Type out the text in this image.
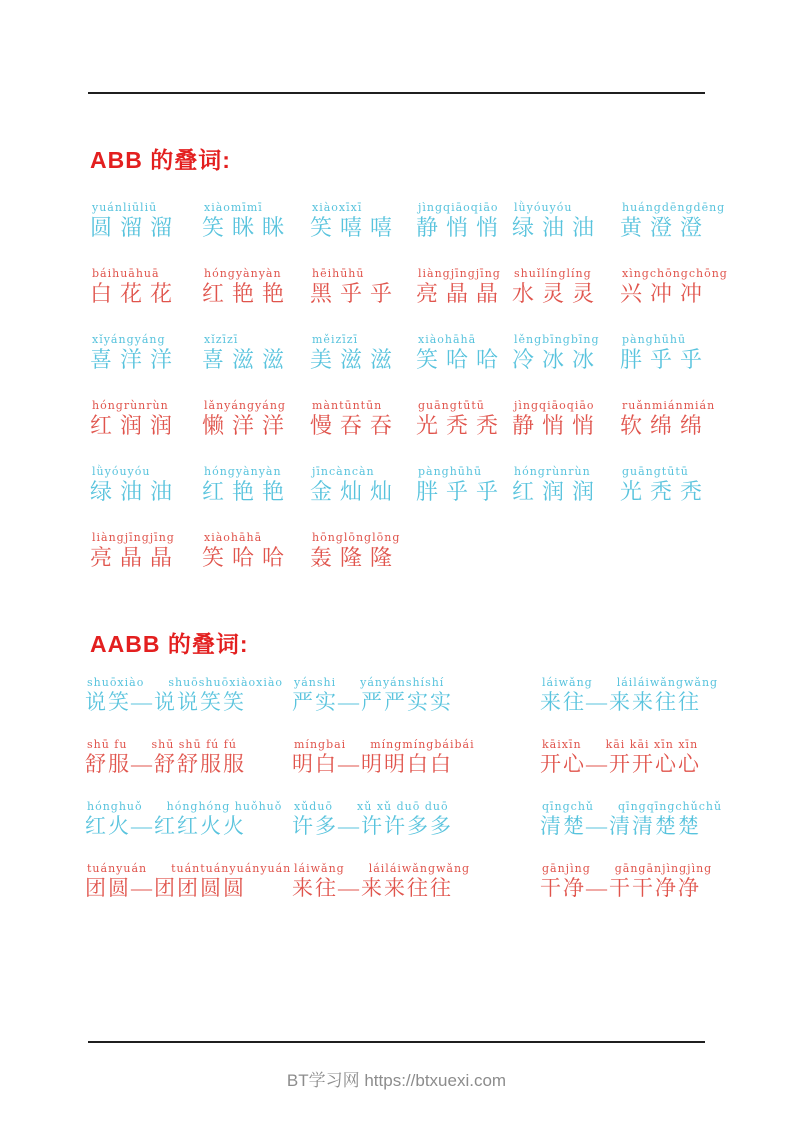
ABB 的叠词:
yuánliūliū
圆溜溜
xiàomīmī
笑眯眯
xiàoxīxī
笑嘻嘻
jìngqiāoqiāo
静悄悄
lǜyóuyóu
绿油油
huángdēngdēng
黄澄澄
báihuāhuā
白花花
hóngyànyàn
红艳艳
hēihūhū
黑乎乎
liàngjīngjīng
亮晶晶
shuǐlínglíng
水灵灵
xìngchōngchōng
兴冲冲
xǐyángyáng
喜洋洋
xǐzīzī
喜滋滋
měizīzī
美滋滋
xiàohāhā
笑哈哈
lěngbīngbīng
冷冰冰
pànghūhū
胖乎乎
hóngrùnrùn
红润润
lǎnyángyáng
懒洋洋
màntūntūn
慢吞吞
guāngtūtū
光秃秃
jìngqiāoqiāo
静悄悄
ruǎnmiánmián
软绵绵
lǜyóuyóu
绿油油
hóngyànyàn
红艳艳
jīncàncàn
金灿灿
pànghūhū
胖乎乎
hóngrùnrùn
红润润
guāngtūtū
光秃秃
liàngjīngjīng
亮晶晶
xiàohāhā
笑哈哈
hōnglōnglōng
轰隆隆
AABB 的叠词:
shuōxiào shuōshuōxiàoxiào
说笑—说说笑笑
yánshi yányánshíshí
严实—严严实实
láiwǎng láiláiwǎngwǎng
来往—来来往往
shū fu shū shū fú fú
舒服—舒舒服服
míngbai míngmíngbáibái
明白—明明白白
kāixīn kāi kāi xīn xīn
开心—开开心心
hónghuǒ hónghóng huǒhuǒ
红火—红红火火
xǔduō xǔ xǔ duō duō
许多—许许多多
qīngchǔ qīngqīngchǔchǔ
清楚—清清楚楚
tuányuán tuántuányuányuán
团圆—团团圆圆
láiwǎng láiláiwǎngwǎng
来往—来来往往
gānjìng gāngānjìngjìng
干净—干干净净
BT学习网 https://btxuexi.com
